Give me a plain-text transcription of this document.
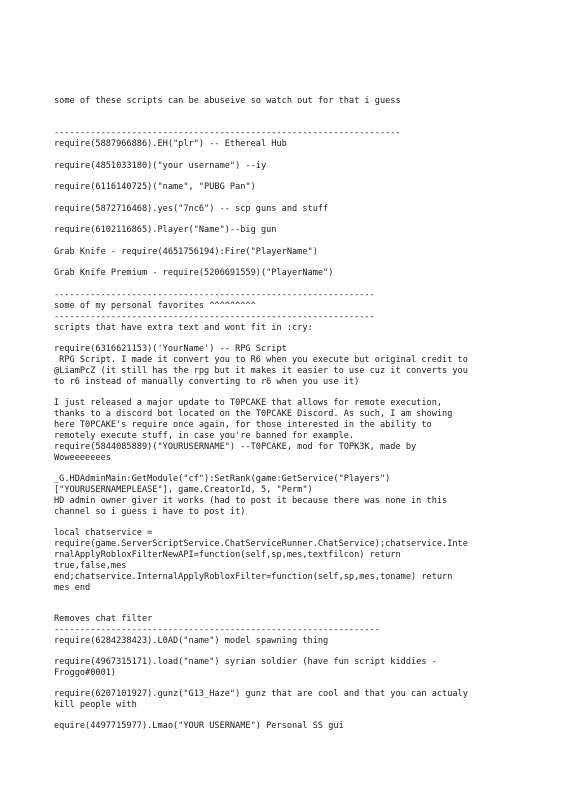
some of these scripts can be abuseive so watch out for that i guess

-------------------------------------------------------------------

require(5887966886).EH("plr") -- Ethereal Hub

require(4851033180)("your username") --iy

require(6116140725)("name", "PUBG Pan")

require(5872716468).yes("7nc6") -- scp guns and stuff

require(6102116865).Player("Name")--big gun

Grab Knife - require(4651756194):Fire("PlayerName")

Grab Knife Premium - require(5206691559)("PlayerName")

--------------------------------------------------------------

some of my personal favorites ^^^^^^^^^

--------------------------------------------------------------

scripts that have extra text and wont fit in :cry:

require(6316621153)('YourName') -- RPG Script

RPG Script. I made it convert you to R6 when you execute but original credit to

@LiamPcZ (it still has the rpg but it makes it easier to use cuz it converts you

to r6 instead of manually converting to r6 when you use it)

I just released a major update to T0PCAKE that allows for remote execution,

thanks to a discord bot located on the T0PCAKE Discord. As such, I am showing

here T0PCAKE's require once again, for those interested in the ability to

remotely execute stuff, in case you're banned for example.

require(5844085889)("YOURUSERNAME") --T0PCAKE, mod for TOPK3K, made by

Wowee​eeeees

_G.HDAdminMain:GetModule("cf"):SetRank(game:GetService("Players")

["YOURUSERNAMEPLEASE"], game.CreatorId, 5, "Perm")

HD admin owner giver it works (had to post it because there was none in this

channel so i guess i have to post it)

local chatservice =

require(game.ServerScriptService.ChatServiceRunner.ChatService);chatservice.Inte

rnalApplyRobloxFilterNewAPI=function(self,sp,mes,textfilcon) return

true,false,mes

end;chatservice.InternalApplyRobloxFilter=function(self,sp,mes,toname) return

mes end

Removes chat filter

---------------------------------------------------------------

require(6284238423).L0AD("name") model spawning thing

require(4967315171).load("name") syrian soldier (have fun script kiddies -

Froggo#0001)

require(6207101927).gunz("G13_Haze") gunz that are cool and that you can actualy

kill people with

equire(4497715977).Lmao("YOUR USERNAME") Personal SS gui
